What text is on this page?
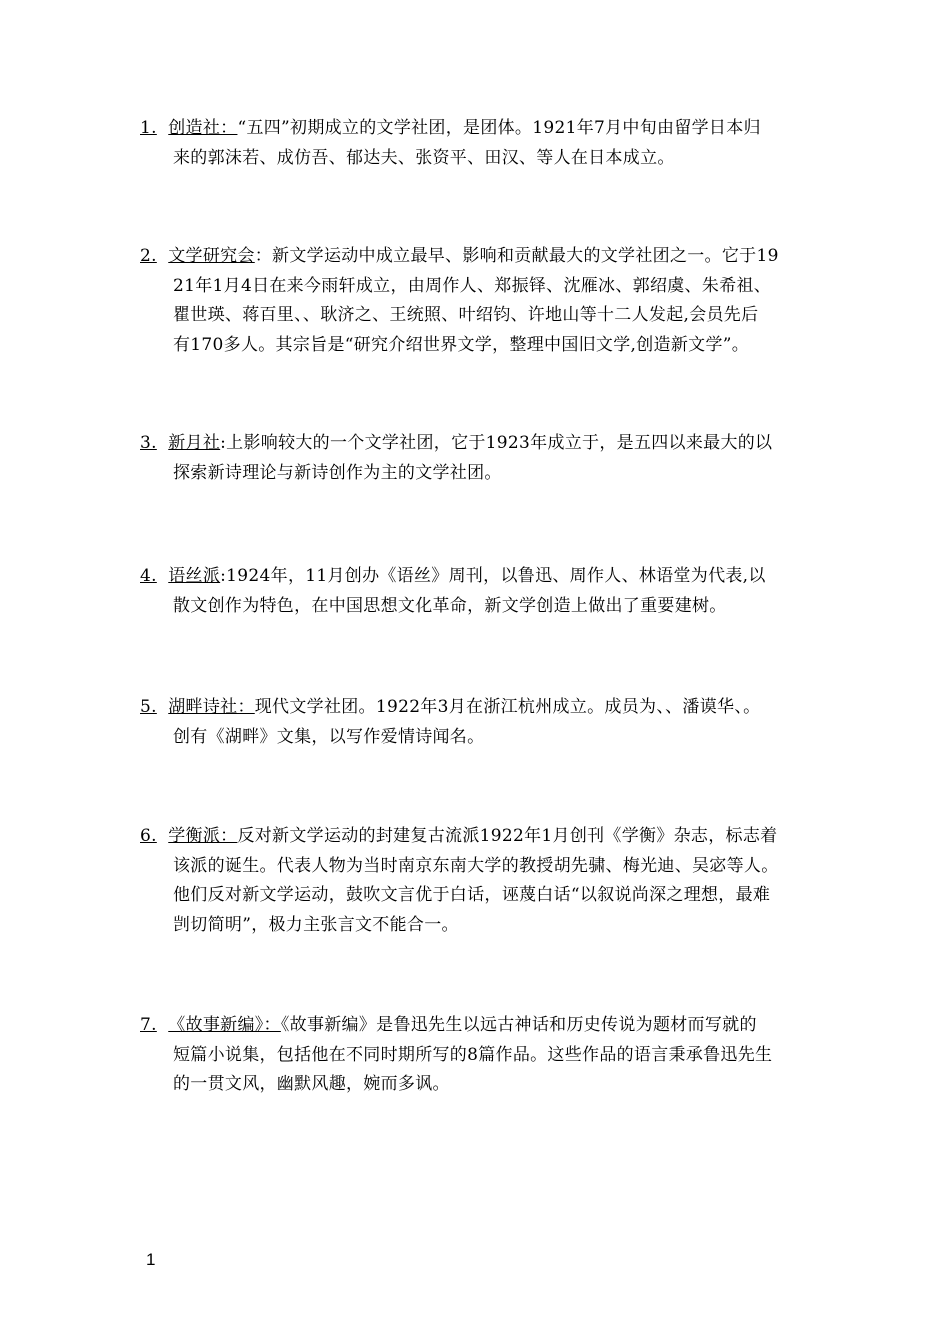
1. 创造社：“五四”初期成立的文学社团，是团体。1921年7月中旬由留学日本归
来的郭沫若、成仿吾、郁达夫、张资平、田汉、等人在日本成立。
2. 文学研究会：新文学运动中成立最早、影响和贡献最大的文学社团之一。它于19
21年1月4日在来今雨轩成立，由周作人、郑振铎、沈雁冰、郭绍虞、朱希祖、
瞿世瑛、蒋百里、、耿济之、王统照、叶绍钧、许地山等十二人发起,会员先后
有170多人。其宗旨是“研究介绍世界文学，整理中国旧文学,创造新文学”。
3. 新月社:上影响较大的一个文学社团，它于1923年成立于，是五四以来最大的以
探索新诗理论与新诗创作为主的文学社团。
4. 语丝派:1924年，11月创办《语丝》周刊，以鲁迅、周作人、林语堂为代表,以
散文创作为特色，在中国思想文化革命，新文学创造上做出了重要建树。
5. 湖畔诗社：现代文学社团。1922年3月在浙江杭州成立。成员为、、潘谟华、。
创有《湖畔》文集，以写作爱情诗闻名。
6. 学衡派：反对新文学运动的封建复古流派1922年1月创刊《学衡》杂志，标志着
该派的诞生。代表人物为当时南京东南大学的教授胡先骕、梅光迪、吴宓等人。
他们反对新文学运动，鼓吹文言优于白话，诬蔑白话“以叙说尚深之理想，最难
剀切简明”，极力主张言文不能合一。
7. 《故事新编》：《故事新编》是鲁迅先生以远古神话和历史传说为题材而写就的
短篇小说集，包括他在不同时期所写的8篇作品。这些作品的语言秉承鲁迅先生
的一贯文风，幽默风趣，婉而多讽。
1
